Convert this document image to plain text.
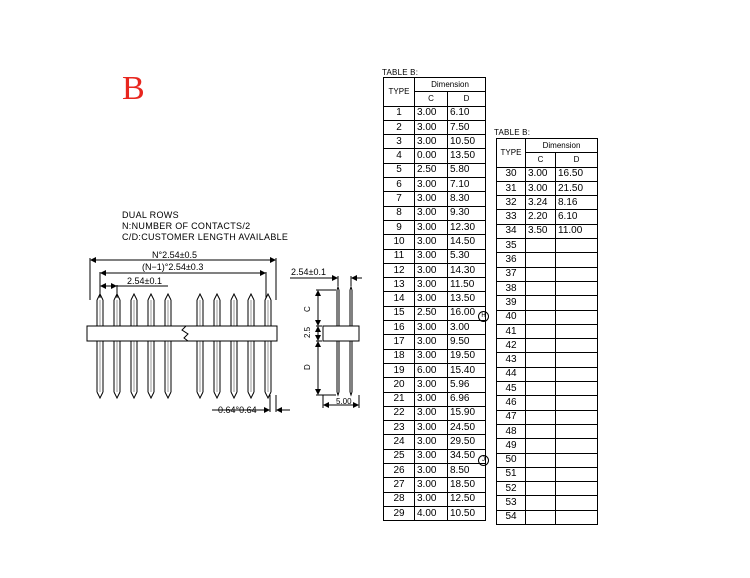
B
DUAL ROWS
N:NUMBER OF CONTACTS/2
C/D:CUSTOMER LENGTH AVAILABLE
N°2.54±0.5
(N−1)°2.54±0.3
2.54±0.1
0.64°0.64
2.54±0.1
5.00
C
2.5
D
TABLE B:
TYPE	Dimension	
	C	D
1	3.00	6.10
2	3.00	7.50
3	3.00	10.50
4	0.00	13.50
5	2.50	5.80
6	3.00	7.10
7	3.00	8.30
8	3.00	9.30
9	3.00	12.30
10	3.00	14.50
11	3.00	5.30
12	3.00	14.30
13	3.00	11.50
14	3.00	13.50
15	2.50	16.00
16	3.00	3.00
17	3.00	9.50
18	3.00	19.50
19	6.00	15.40
20	3.00	5.96
21	3.00	6.96
22	3.00	15.90
23	3.00	24.50
24	3.00	29.50
25	3.00	34.50
26	3.00	8.50
27	3.00	18.50
28	3.00	12.50
29	4.00	10.50
H
J
TABLE B:
TYPE	Dimension	
	C	D
30	3.00	16.50
31	3.00	21.50
32	3.24	8.16
33	2.20	6.10
34	3.50	11.00
35		
36		
37		
38		
39		
40		
41		
42		
43		
44		
45		
46		
47		
48		
49		
50		
51		
52		
53		
54		
